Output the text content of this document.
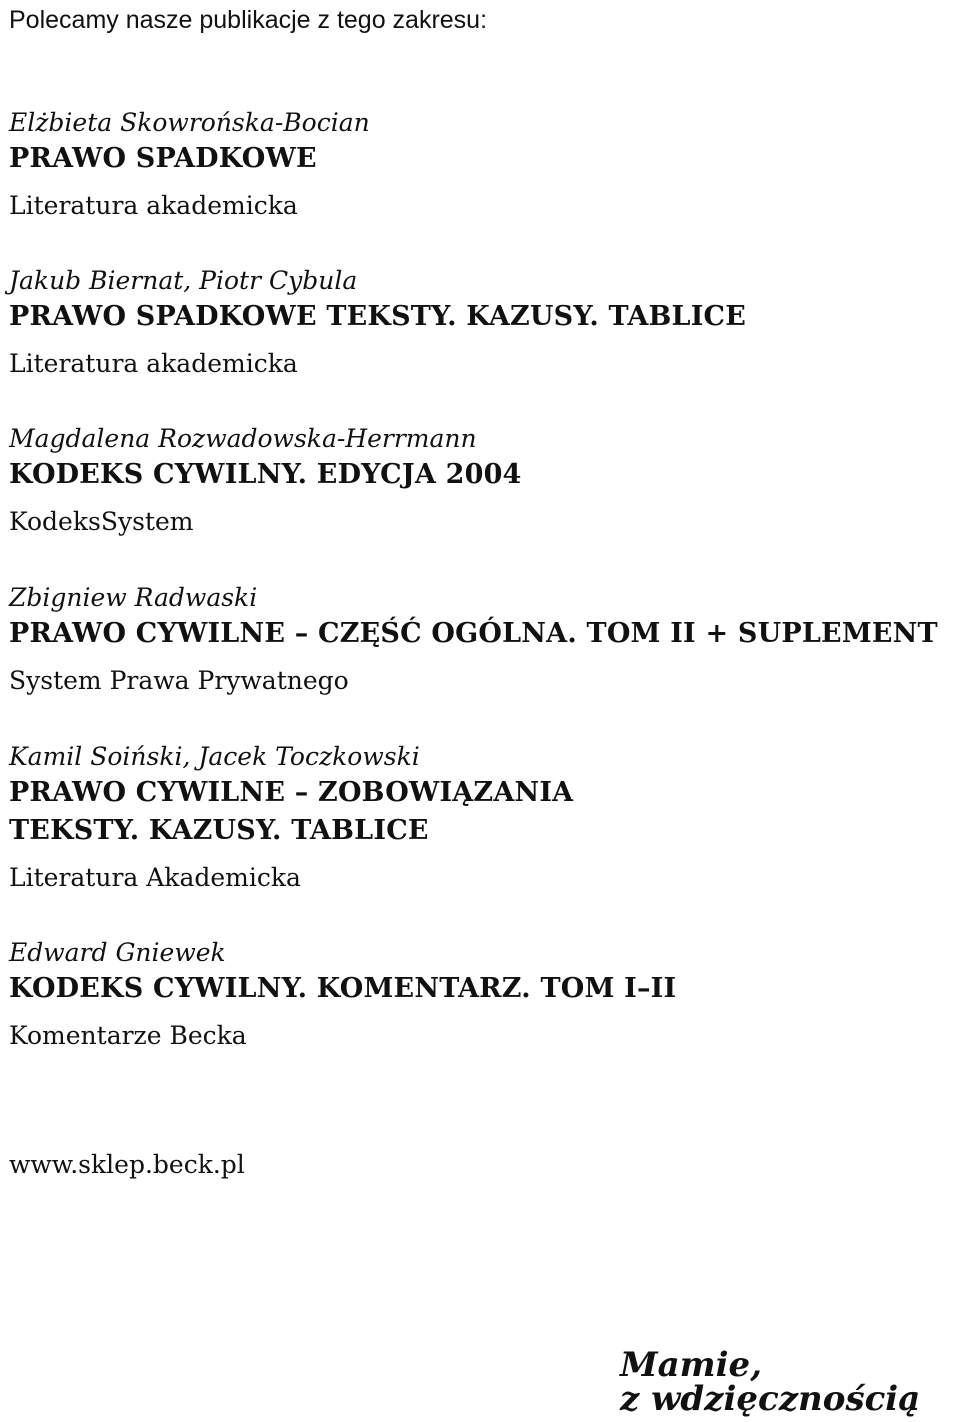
Polecamy nasze publikacje z tego zakresu:
Elżbieta Skowrońska-Bocian
PRAWO SPADKOWE
Literatura akademicka
Jakub Biernat, Piotr Cybula
PRAWO SPADKOWE TEKSTY. KAZUSY. TABLICE
Literatura akademicka
Magdalena Rozwadowska-Herrmann
KODEKS CYWILNY. EDYCJA 2004
KodeksSystem
Zbigniew Radwaski
PRAWO CYWILNE – CZĘŚĆ OGÓLNA. TOM II + SUPLEMENT
System Prawa Prywatnego
Kamil Soiński, Jacek Toczkowski
PRAWO CYWILNE – ZOBOWIĄZANIA
TEKSTY. KAZUSY. TABLICE
Literatura Akademicka
Edward Gniewek
KODEKS CYWILNY. KOMENTARZ. TOM I–II
Komentarze Becka
www.sklep.beck.pl
Mamie,
z wdzięcznością
